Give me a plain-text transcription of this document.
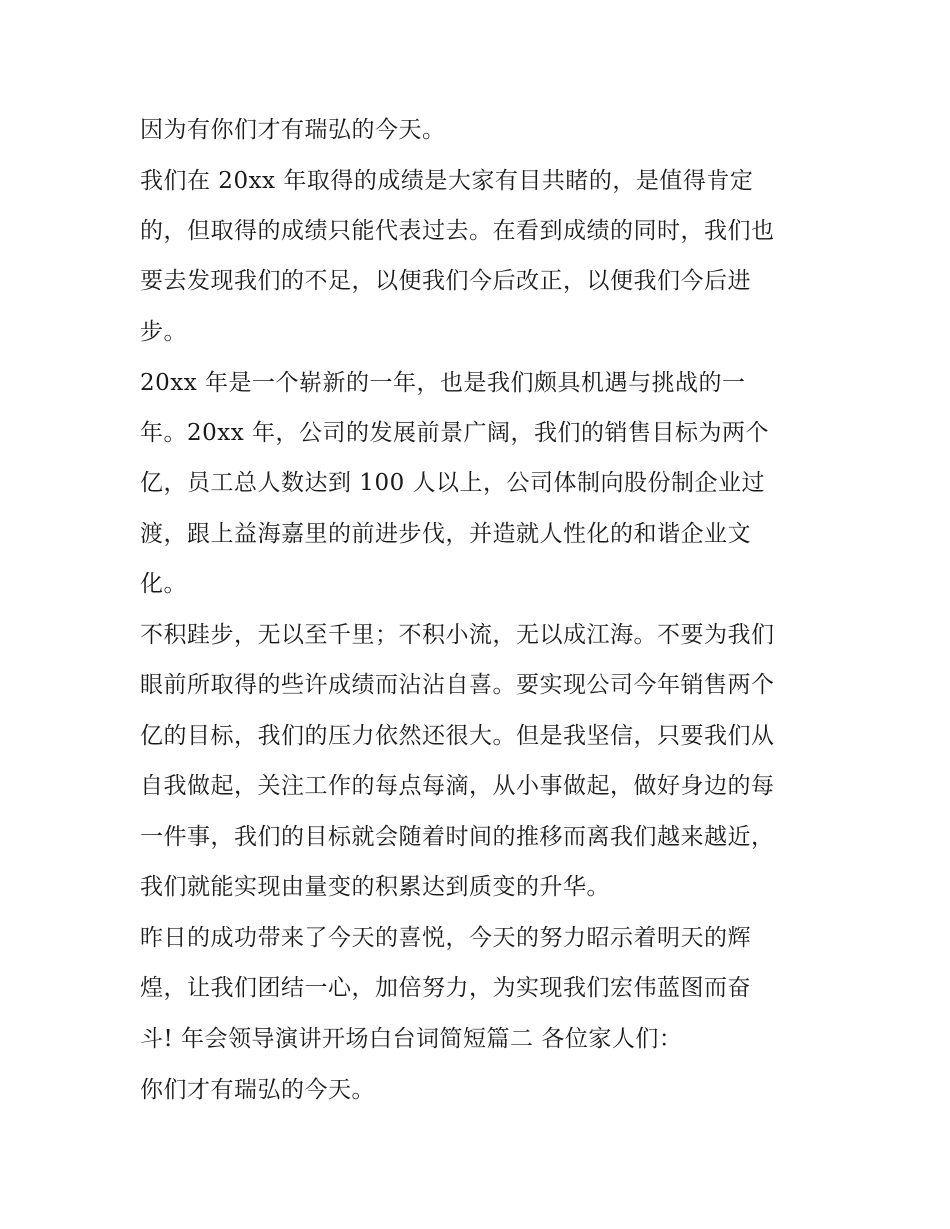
因为有你们才有瑞弘的今天。

我们在 20xx 年取得的成绩是大家有目共睹的，是值得肯定

的，但取得的成绩只能代表过去。在看到成绩的同时，我们也

要去发现我们的不足，以便我们今后改正，以便我们今后进

步。

20xx 年是一个崭新的一年，也是我们颇具机遇与挑战的一

年。20xx 年，公司的发展前景广阔，我们的销售目标为两个

亿，员工总人数达到 100 人以上，公司体制向股份制企业过

渡，跟上益海嘉里的前进步伐，并造就人性化的和谐企业文

化。

不积跬步，无以至千里；不积小流，无以成江海。不要为我们

眼前所取得的些许成绩而沾沾自喜。要实现公司今年销售两个

亿的目标，我们的压力依然还很大。但是我坚信，只要我们从

自我做起，关注工作的每点每滴，从小事做起，做好身边的每

一件事，我们的目标就会随着时间的推移而离我们越来越近，

我们就能实现由量变的积累达到质变的升华。

昨日的成功带来了今天的喜悦，今天的努力昭示着明天的辉

煌，让我们团结一心，加倍努力，为实现我们宏伟蓝图而奋

斗! 年会领导演讲开场白台词简短篇二 各位家人们：

你们才有瑞弘的今天。
